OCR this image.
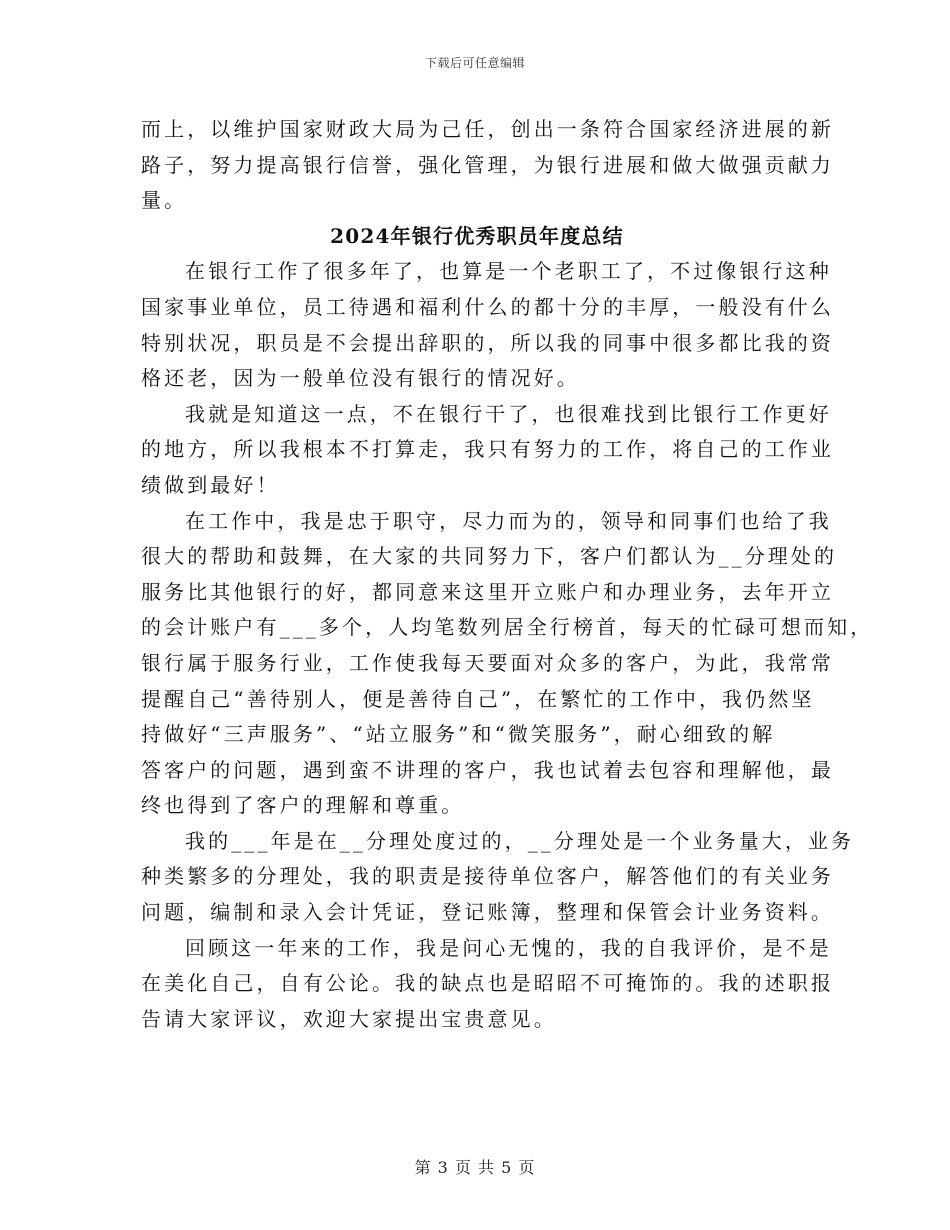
下载后可任意编辑
而上，以维护国家财政大局为己任，创出一条符合国家经济进展的新
路子，努力提高银行信誉，强化管理，为银行进展和做大做强贡献力
量。
2024年银行优秀职员年度总结
在银行工作了很多年了，也算是一个老职工了，不过像银行这种
国家事业单位，员工待遇和福利什么的都十分的丰厚，一般没有什么
特别状况，职员是不会提出辞职的，所以我的同事中很多都比我的资
格还老，因为一般单位没有银行的情况好。
我就是知道这一点，不在银行干了，也很难找到比银行工作更好
的地方，所以我根本不打算走，我只有努力的工作，将自己的工作业
绩做到最好！
在工作中，我是忠于职守，尽力而为的，领导和同事们也给了我
很大的帮助和鼓舞，在大家的共同努力下，客户们都认为__分理处的
服务比其他银行的好，都同意来这里开立账户和办理业务，去年开立
的会计账户有___多个，人均笔数列居全行榜首，每天的忙碌可想而知，
银行属于服务行业，工作使我每天要面对众多的客户，为此，我常常
提醒自己“善待别人，便是善待自己”，在繁忙的工作中，我仍然坚
持做好“三声服务”、“站立服务”和“微笑服务”，耐心细致的解
答客户的问题，遇到蛮不讲理的客户，我也试着去包容和理解他，最
终也得到了客户的理解和尊重。
我的___年是在__分理处度过的，__分理处是一个业务量大，业务
种类繁多的分理处，我的职责是接待单位客户，解答他们的有关业务
问题，编制和录入会计凭证，登记账簿，整理和保管会计业务资料。
回顾这一年来的工作，我是问心无愧的，我的自我评价，是不是
在美化自己，自有公论。我的缺点也是昭昭不可掩饰的。我的述职报
告请大家评议，欢迎大家提出宝贵意见。
第 3 页 共 5 页
